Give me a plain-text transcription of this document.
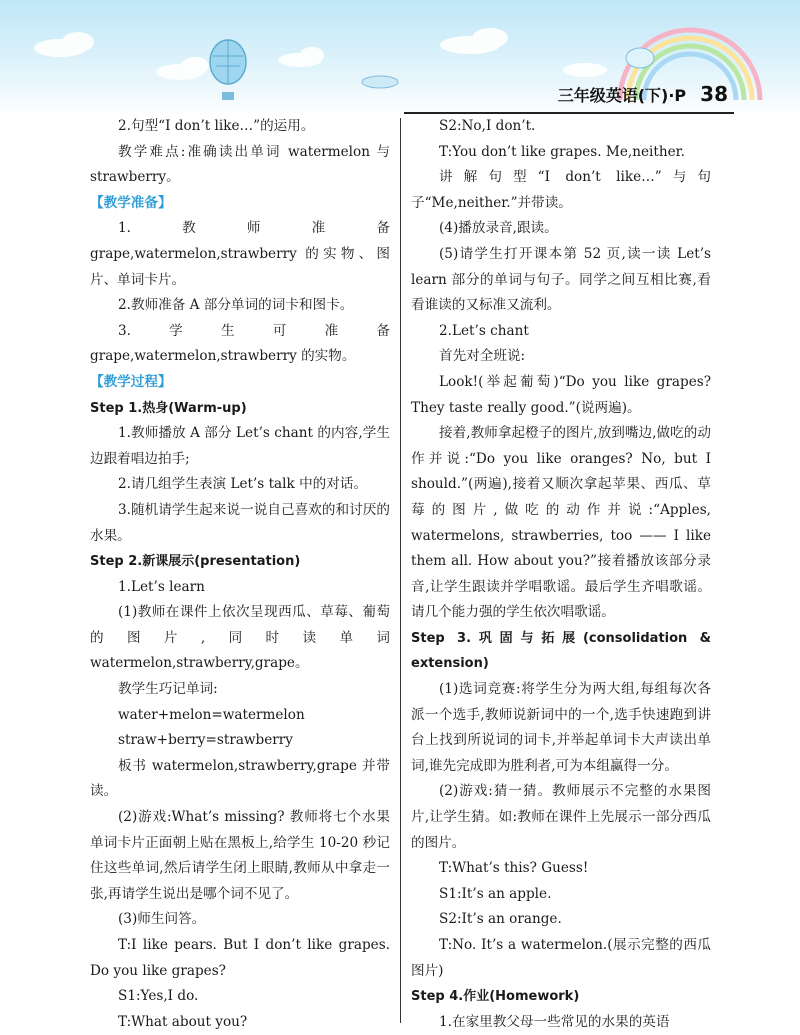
三年级英语(下)·P 38

2.句型“I don’t like…”的运用。

教学难点:准确读出单词 watermelon 与 strawberry。

【教学准备】

1.教师准备 grape,watermelon,strawberry 的实物、图片、单词卡片。

2.教师准备 A 部分单词的词卡和图卡。

3.学生可准备 grape,watermelon,strawberry 的实物。

【教学过程】

Step 1.热身(Warm-up)

1.教师播放 A 部分 Let’s chant 的内容,学生边跟着唱边拍手;

2.请几组学生表演 Let’s talk 中的对话。

3.随机请学生起来说一说自己喜欢的和讨厌的水果。

Step 2.新课展示(presentation)

1.Let’s learn

(1)教师在课件上依次呈现西瓜、草莓、葡萄的图片,同时读单词 watermelon,strawberry,grape。

教学生巧记单词:

water+melon=watermelon

straw+berry=strawberry

板书 watermelon,strawberry,grape 并带读。

(2)游戏:What’s missing? 教师将七个水果单词卡片正面朝上贴在黑板上,给学生 10-20 秒记住这些单词,然后请学生闭上眼睛,教师从中拿走一张,再请学生说出是哪个词不见了。

(3)师生问答。

T:I like pears. But I don’t like grapes. Do you like grapes?

S1:Yes,I do.

T:What about you?

S2:No,I don’t.

T:You don’t like grapes. Me,neither.

讲解句型“I don’t like…”与句子“Me,neither.”并带读。

(4)播放录音,跟读。

(5)请学生打开课本第 52 页,读一读 Let’s learn 部分的单词与句子。同学之间互相比赛,看看谁读的又标准又流利。

2.Let’s chant

首先对全班说:

Look!(举起葡萄)“Do you like grapes? They taste really good.”(说两遍)。

接着,教师拿起橙子的图片,放到嘴边,做吃的动作并说:“Do you like oranges? No, but I should.”(两遍),接着又顺次拿起苹果、西瓜、草莓的图片,做吃的动作并说:“Apples, watermelons, strawberries, too —— I like them all. How about you?”接着播放该部分录音,让学生跟读并学唱歌谣。最后学生齐唱歌谣。请几个能力强的学生依次唱歌谣。

Step 3.巩固与拓展(consolidation & extension)

(1)选词竞赛:将学生分为两大组,每组每次各派一个选手,教师说新词中的一个,选手快速跑到讲台上找到所说词的词卡,并举起单词卡大声读出单词,谁先完成即为胜利者,可为本组赢得一分。

(2)游戏:猜一猜。教师展示不完整的水果图片,让学生猜。如:教师在课件上先展示一部分西瓜的图片。

T:What’s this? Guess!

S1:It’s an apple.

S2:It’s an orange.

T:No. It’s a watermelon.(展示完整的西瓜图片)

Step 4.作业(Homework)

1.在家里教父母一些常见的水果的英语
